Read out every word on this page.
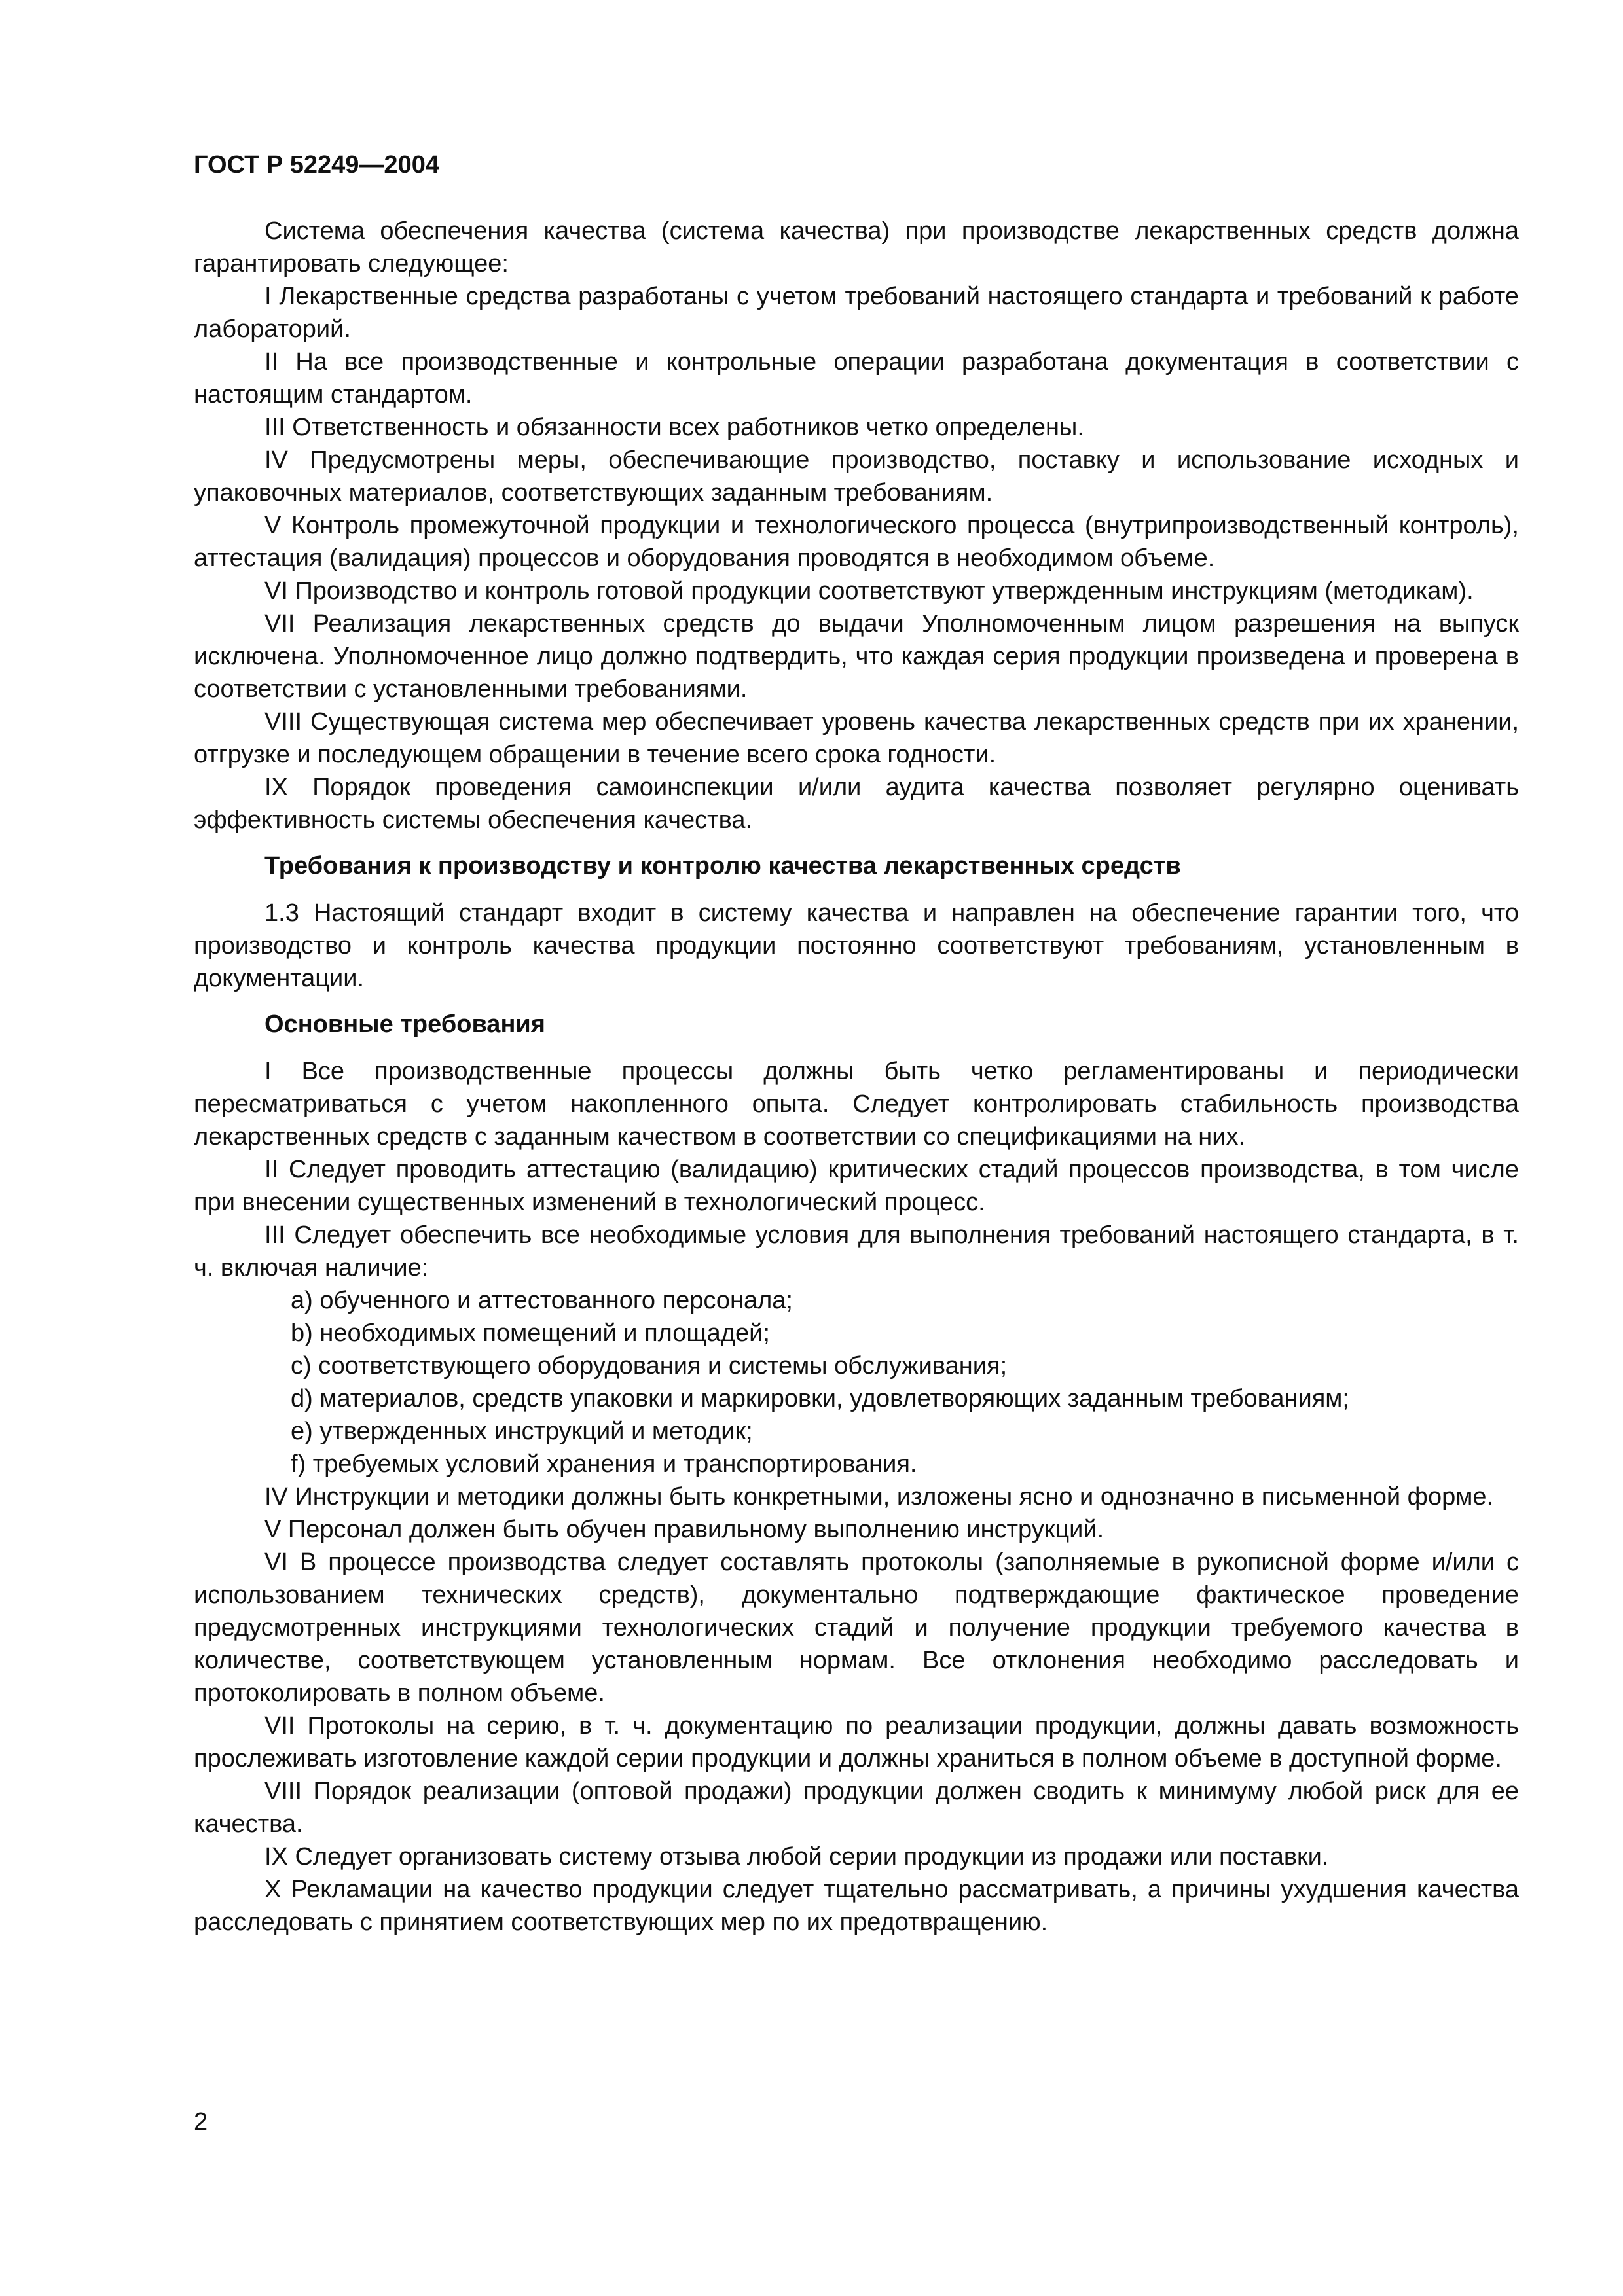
ГОСТ Р 52249—2004

Система обеспечения качества (система качества) при производстве лекарственных средств должна гарантировать следующее:

I Лекарственные средства разработаны с учетом требований настоящего стандарта и требований к работе лабораторий.

II На все производственные и контрольные операции разработана документация в соответствии с настоящим стандартом.

III Ответственность и обязанности всех работников четко определены.

IV Предусмотрены меры, обеспечивающие производство, поставку и использование исходных и упаковочных материалов, соответствующих заданным требованиям.

V Контроль промежуточной продукции и технологического процесса (внутрипроизводственный контроль), аттестация (валидация) процессов и оборудования проводятся в необходимом объеме.

VI Производство и контроль готовой продукции соответствуют утвержденным инструкциям (методикам).

VII Реализация лекарственных средств до выдачи Уполномоченным лицом разрешения на выпуск исключена. Уполномоченное лицо должно подтвердить, что каждая серия продукции произведена и проверена в соответствии с установленными требованиями.

VIII Существующая система мер обеспечивает уровень качества лекарственных средств при их хранении, отгрузке и последующем обращении в течение всего срока годности.

IX Порядок проведения самоинспекции и/или аудита качества позволяет регулярно оценивать эффективность системы обеспечения качества.

Требования к производству и контролю качества лекарственных средств

1.3 Настоящий стандарт входит в систему качества и направлен на обеспечение гарантии того, что производство и контроль качества продукции постоянно соответствуют требованиям, установленным в документации.

Основные требования

I Все производственные процессы должны быть четко регламентированы и периодически пересматриваться с учетом накопленного опыта. Следует контролировать стабильность производства лекарственных средств с заданным качеством в соответствии со спецификациями на них.

II Следует проводить аттестацию (валидацию) критических стадий процессов производства, в том числе при внесении существенных изменений в технологический процесс.

III Следует обеспечить все необходимые условия для выполнения требований настоящего стандарта, в т. ч. включая наличие:

a) обученного и аттестованного персонала;

b) необходимых помещений и площадей;

c) соответствующего оборудования и системы обслуживания;

d) материалов, средств упаковки и маркировки, удовлетворяющих заданным требованиям;

e) утвержденных инструкций и методик;

f) требуемых условий хранения и транспортирования.

IV Инструкции и методики должны быть конкретными, изложены ясно и однозначно в письменной форме.

V Персонал должен быть обучен правильному выполнению инструкций.

VI В процессе производства следует составлять протоколы (заполняемые в рукописной форме и/или с использованием технических средств), документально подтверждающие фактическое проведение предусмотренных инструкциями технологических стадий и получение продукции требуемого качества в количестве, соответствующем установленным нормам. Все отклонения необходимо расследовать и протоколировать в полном объеме.

VII Протоколы на серию, в т. ч. документацию по реализации продукции, должны давать возможность прослеживать изготовление каждой серии продукции и должны храниться в полном объеме в доступной форме.

VIII Порядок реализации (оптовой продажи) продукции должен сводить к минимуму любой риск для ее качества.

IX Следует организовать систему отзыва любой серии продукции из продажи или поставки.

X Рекламации на качество продукции следует тщательно рассматривать, а причины ухудшения качества расследовать с принятием соответствующих мер по их предотвращению.

2
